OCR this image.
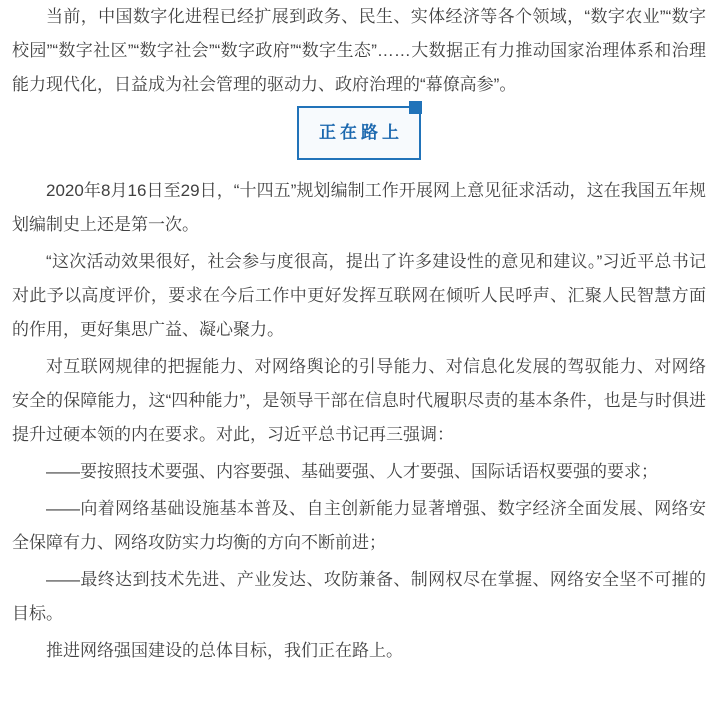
当前，中国数字化进程已经扩展到政务、民生、实体经济等各个领域，“数字农业”“数字校园”“数字社区”“数字社会”“数字政府”“数字生态”……大数据正有力推动国家治理体系和治理能力现代化，日益成为社会管理的驱动力、政府治理的“幕僚高参”。

正在路上

2020年8月16日至29日，“十四五”规划编制工作开展网上意见征求活动，这在我国五年规划编制史上还是第一次。

“这次活动效果很好，社会参与度很高，提出了许多建设性的意见和建议。”习近平总书记对此予以高度评价，要求在今后工作中更好发挥互联网在倾听人民呼声、汇聚人民智慧方面的作用，更好集思广益、凝心聚力。

对互联网规律的把握能力、对网络舆论的引导能力、对信息化发展的驾驭能力、对网络安全的保障能力，这“四种能力”，是领导干部在信息时代履职尽责的基本条件，也是与时俱进提升过硬本领的内在要求。对此，习近平总书记再三强调：

——要按照技术要强、内容要强、基础要强、人才要强、国际话语权要强的要求；

——向着网络基础设施基本普及、自主创新能力显著增强、数字经济全面发展、网络安全保障有力、网络攻防实力均衡的方向不断前进；

——最终达到技术先进、产业发达、攻防兼备、制网权尽在掌握、网络安全坚不可摧的目标。

推进网络强国建设的总体目标，我们正在路上。
